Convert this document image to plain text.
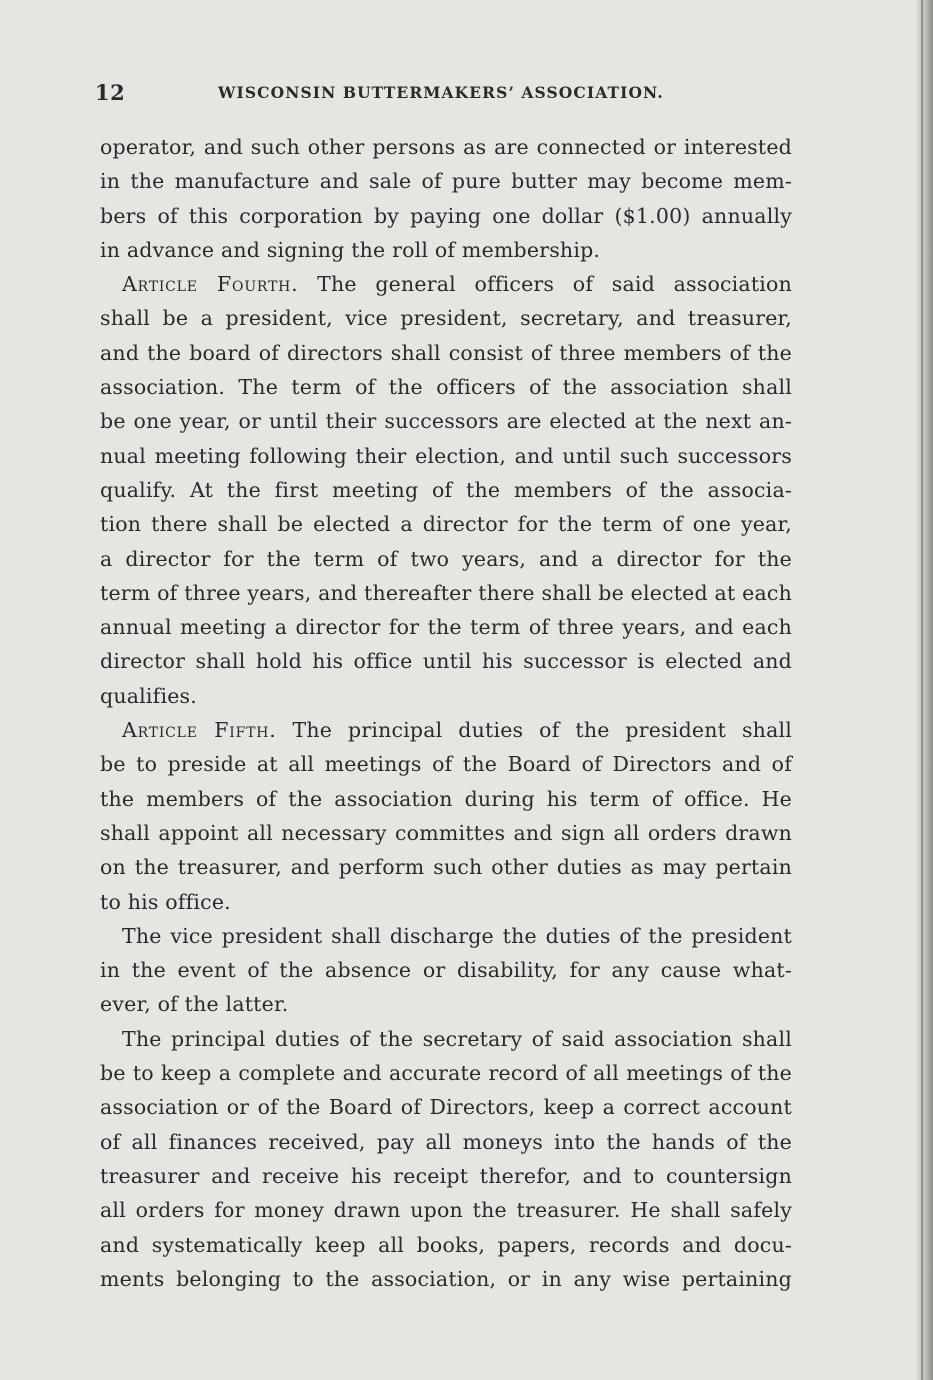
12	WISCONSIN BUTTERMAKERS’ ASSOCIATION.
operator, and such other persons as are connected or interested
in the manufacture and sale of pure butter may become mem-
bers of this corporation by paying one dollar ($1.00) annually
in advance and signing the roll of membership.
Article Fourth. The general officers of said association
shall be a president, vice president, secretary, and treasurer,
and the board of directors shall consist of three members of the
association. The term of the officers of the association shall
be one year, or until their successors are elected at the next an-
nual meeting following their election, and until such successors
qualify. At the first meeting of the members of the associa-
tion there shall be elected a director for the term of one year,
a director for the term of two years, and a director for the
term of three years, and thereafter there shall be elected at each
annual meeting a director for the term of three years, and each
director shall hold his office until his successor is elected and
qualifies.
Article Fifth. The principal duties of the president shall
be to preside at all meetings of the Board of Directors and of
the members of the association during his term of office. He
shall appoint all necessary committes and sign all orders drawn
on the treasurer, and perform such other duties as may pertain
to his office.
The vice president shall discharge the duties of the president
in the event of the absence or disability, for any cause what-
ever, of the latter.
The principal duties of the secretary of said association shall
be to keep a complete and accurate record of all meetings of the
association or of the Board of Directors, keep a correct account
of all finances received, pay all moneys into the hands of the
treasurer and receive his receipt therefor, and to countersign
all orders for money drawn upon the treasurer. He shall safely
and systematically keep all books, papers, records and docu-
ments belonging to the association, or in any wise pertaining
